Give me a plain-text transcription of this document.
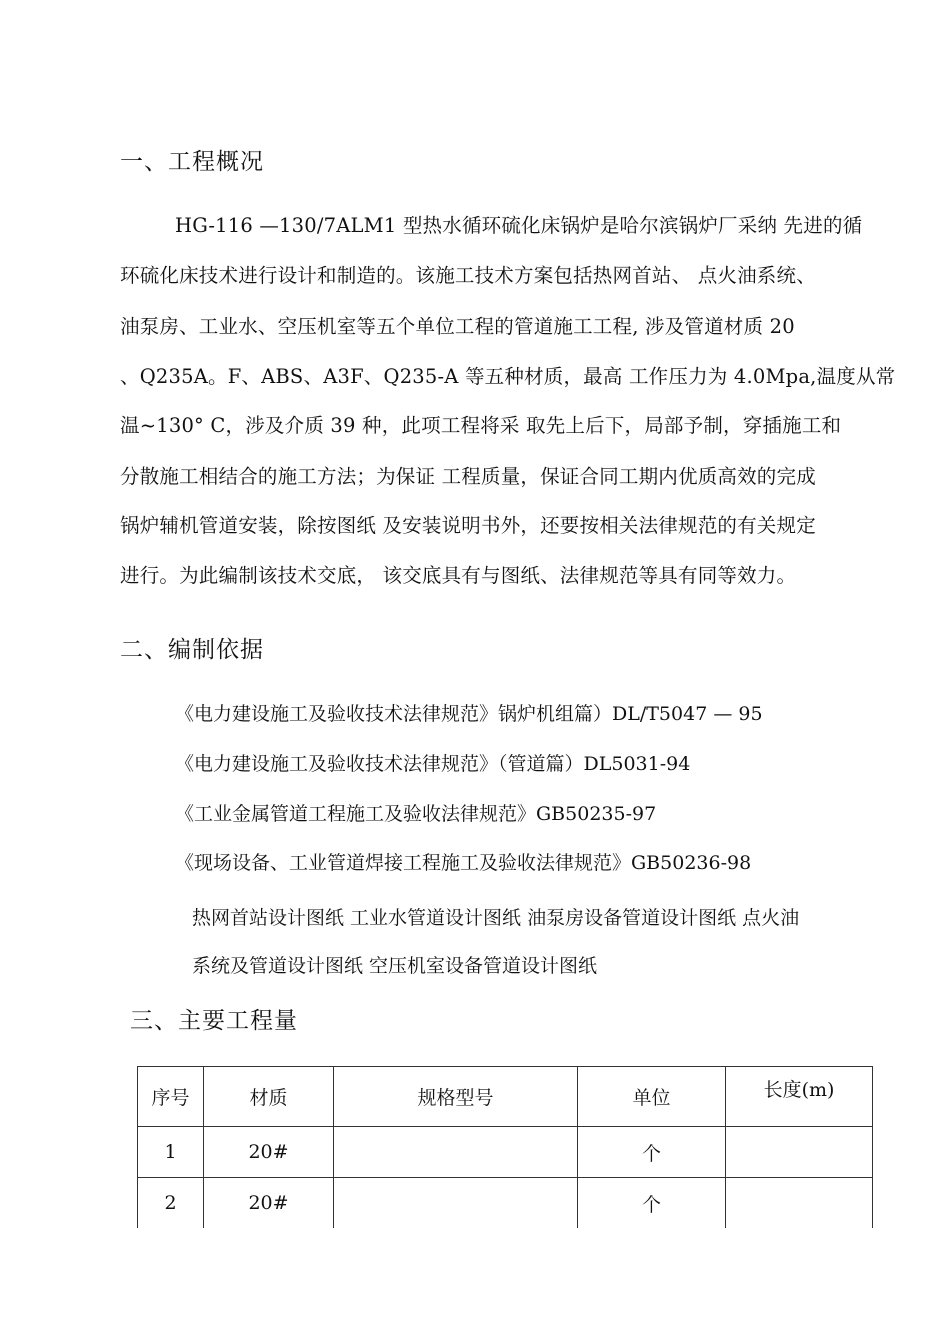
一、工程概况
HG-116 —130/7ALM1 型热水循环硫化床锅炉是哈尔滨锅炉厂采纳 先进的循
环硫化床技术进行设计和制造的。该施工技术方案包括热网首站、 点火油系统、
油泵房、工业水、空压机室等五个单位工程的管道施工工程, 涉及管道材质 20
、Q235A。F、ABS、A3F、Q235-A 等五种材质，最高 工作压力为 4.0Mpa,温度从常
温~130° C，涉及介质 39 种，此项工程将采 取先上后下，局部予制，穿插施工和
分散施工相结合的施工方法；为保证 工程质量，保证合同工期内优质高效的完成
锅炉辅机管道安装，除按图纸 及安装说明书外，还要按相关法律规范的有关规定
进行。为此编制该技术交底， 该交底具有与图纸、法律规范等具有同等效力。
二、编制依据
《电力建设施工及验收技术法律规范》锅炉机组篇）DL/T5047 — 95
《电力建设施工及验收技术法律规范》（管道篇）DL5031-94
《工业金属管道工程施工及验收法律规范》GB50235-97
《现场设备、工业管道焊接工程施工及验收法律规范》GB50236-98
热网首站设计图纸 工业水管道设计图纸 油泵房设备管道设计图纸 点火油
系统及管道设计图纸 空压机室设备管道设计图纸
三、主要工程量
序号	材质	规格型号	单位	长度(m)
1	20#		个	
2	20#		个	
